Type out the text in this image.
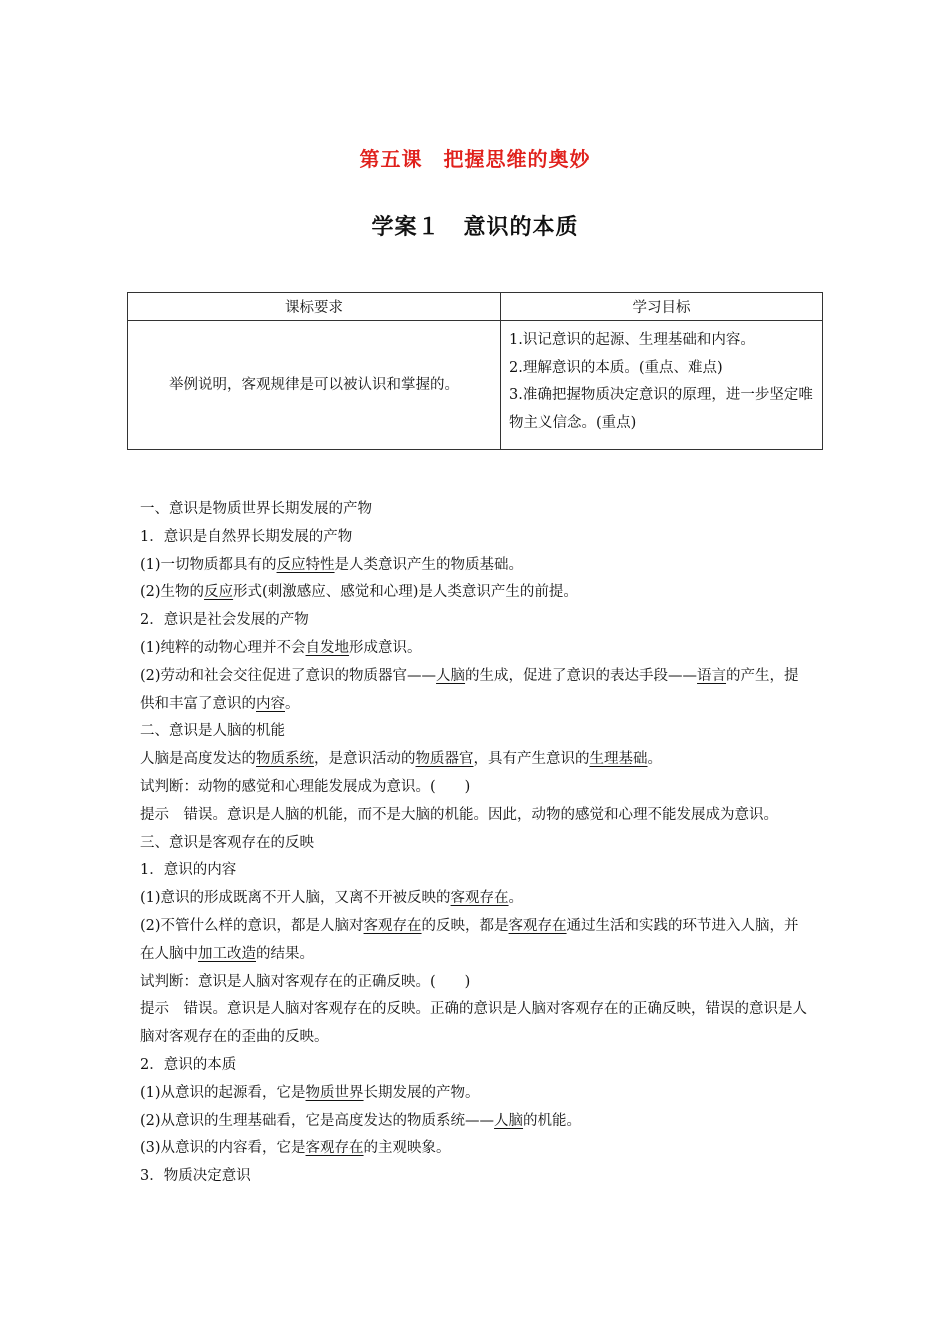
第五课　把握思维的奥妙
学案１　意识的本质
课标要求	学习目标
举例说明，客观规律是可以被认识和掌握的。	1.识记意识的起源、生理基础和内容。
2.理解意识的本质。(重点、难点)
3.准确把握物质决定意识的原理，进一步坚定唯物主义信念。(重点)
一、意识是物质世界长期发展的产物
1．意识是自然界长期发展的产物
(1)一切物质都具有的反应特性是人类意识产生的物质基础。
(2)生物的反应形式(刺激感应、感觉和心理)是人类意识产生的前提。
2．意识是社会发展的产物
(1)纯粹的动物心理并不会自发地形成意识。
(2)劳动和社会交往促进了意识的物质器官——人脑的生成，促进了意识的表达手段——语言的产生，提供和丰富了意识的内容。
二、意识是人脑的机能
人脑是高度发达的物质系统，是意识活动的物质器官，具有产生意识的生理基础。
试判断：动物的感觉和心理能发展成为意识。(　　)
提示　错误。意识是人脑的机能，而不是大脑的机能。因此，动物的感觉和心理不能发展成为意识。
三、意识是客观存在的反映
1．意识的内容
(1)意识的形成既离不开人脑，又离不开被反映的客观存在。
(2)不管什么样的意识，都是人脑对客观存在的反映，都是客观存在通过生活和实践的环节进入人脑，并在人脑中加工改造的结果。
试判断：意识是人脑对客观存在的正确反映。(　　)
提示　错误。意识是人脑对客观存在的反映。正确的意识是人脑对客观存在的正确反映，错误的意识是人脑对客观存在的歪曲的反映。
2．意识的本质
(1)从意识的起源看，它是物质世界长期发展的产物。
(2)从意识的生理基础看，它是高度发达的物质系统——人脑的机能。
(3)从意识的内容看，它是客观存在的主观映象。
3．物质决定意识
